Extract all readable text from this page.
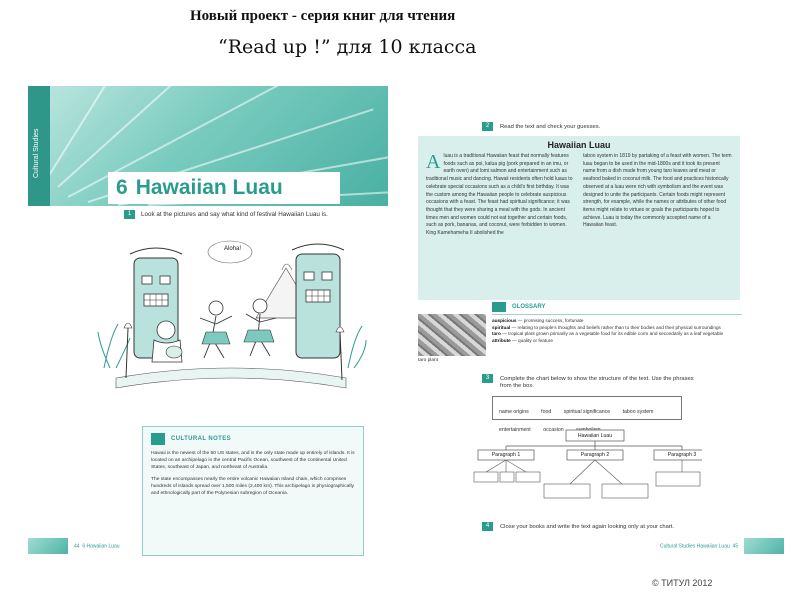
Новый проект - серия книг для чтения
“Read up !” для 10 класса
Cultural Studies
6 Hawaiian Luau
1 Look at the pictures and say what kind of festival Hawaiian Luau is.
Aloha!
CULTURAL NOTES

Hawaii is the newest of the 50 US states, and is the only state made up entirely of islands. It is located on an archipelago in the central Pacific Ocean, southwest of the continental United States, southeast of Japan, and northeast of Australia.

The state encompasses nearly the entire volcanic Hawaiian Island chain, which comprises hundreds of islands spread over 1,500 miles (2,400 km). This archipelago is physiographically and ethnologically part of the Polynesian subregion of Oceania.

44 6 Hawaiian Luau
2 Read the text and check your guesses.
Hawaiian Luau
A luau is a traditional Hawaiian feast that normally features foods such as poi, kalua pig (pork prepared in an imu, or earth oven) and lomi salmon and entertainment such as traditional music and dancing. Hawaii residents often hold luaus to celebrate special occasions such as a child's first birthday. It was the custom among the Hawaiian people to celebrate auspicious occasions with a feast. The feast had spiritual significance; it was thought that they were sharing a meal with the gods. In ancient times men and women could not eat together and certain foods, such as pork, bananas, and coconut, were forbidden to women. King Kamehameha II abolished the

taboo system in 1819 by partaking of a feast with women. The term luau began to be used in the mid-1800s and it took its present name from a dish made from young taro leaves and meat or seafood baked in coconut milk. The food and practices historically observed at a luau were rich with symbolism and the event was designed to unite the participants. Certain foods might represent strength, for example, while the names or attributes of other food items might relate to virtues or goals the participants hoped to achieve. Luau is today the commonly accepted name of a Hawaiian feast.

taro plant
GLOSSARY
auspicious — promising success, fortunate
spiritual — relating to people's thoughts and beliefs rather than to their bodies and their physical surroundings
taro — tropical plant grown primarily as a vegetable food for its edible corm and secondarily as a leaf vegetable
attribute — quality or feature
3 Complete the chart below to show the structure of the text. Use the phrases
from the box.
name origins food spiritual significance taboo system entertainment occasion
Hawaiian Luau
Paragraph 1	Paragraph 2	Paragraph 3
4 Close your books and write the text again looking only at your chart.
Cultural Studies Hawaiian Luau 45
© ТИТУЛ 2012
